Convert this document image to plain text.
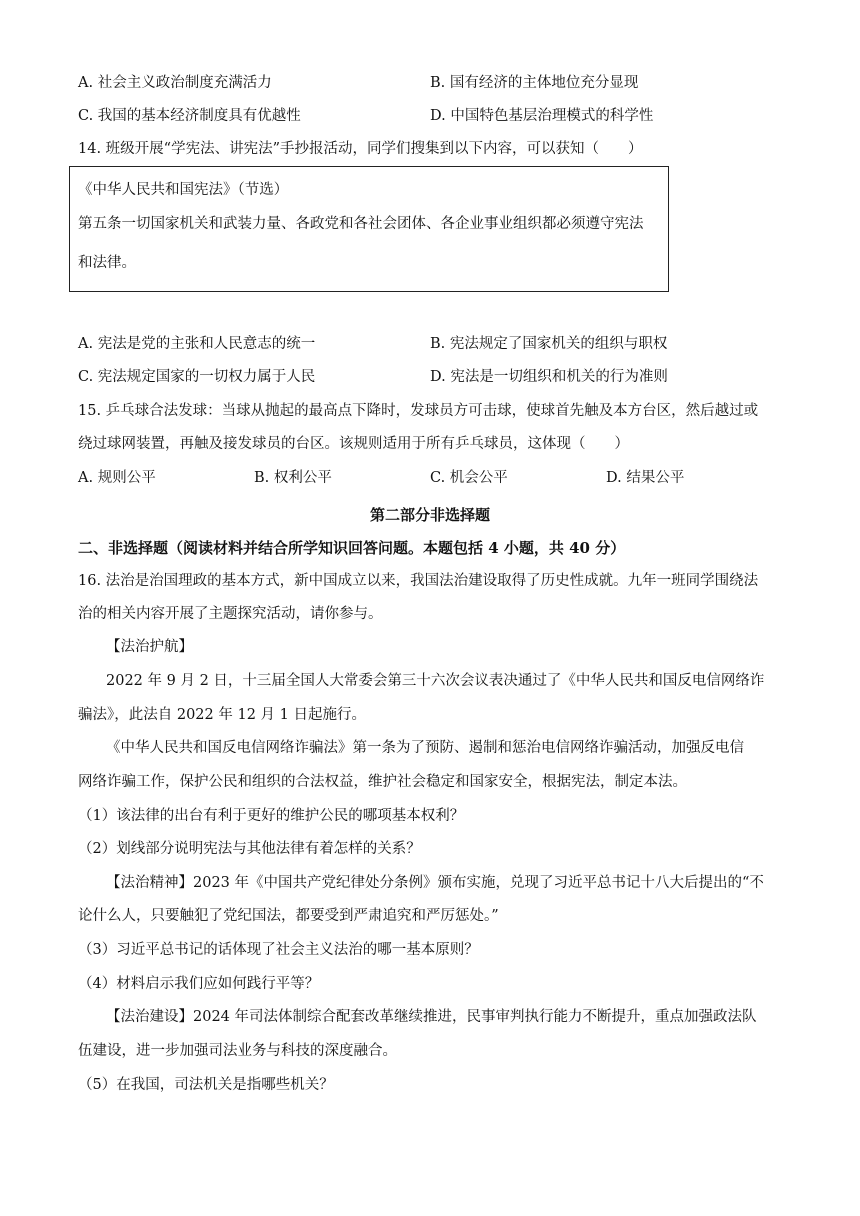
A. 社会主义政治制度充满活力	B. 国有经济的主体地位充分显现
C. 我国的基本经济制度具有优越性	D. 中国特色基层治理模式的科学性
14. 班级开展“学宪法、讲宪法”手抄报活动，同学们搜集到以下内容，可以获知（　　）
《中华人民共和国宪法》（节选）
第五条一切国家机关和武装力量、各政党和各社会团体、各企业事业组织都必须遵守宪法
和法律。
A. 宪法是党的主张和人民意志的统一	B. 宪法规定了国家机关的组织与职权
C. 宪法规定国家的一切权力属于人民	D. 宪法是一切组织和机关的行为准则
15. 乒乓球合法发球：当球从抛起的最高点下降时，发球员方可击球，使球首先触及本方台区，然后越过或
绕过球网装置，再触及接发球员的台区。该规则适用于所有乒乓球员，这体现（　　）
A. 规则公平	B. 权利公平	C. 机会公平	D. 结果公平
第二部分非选择题
二、非选择题（阅读材料并结合所学知识回答问题。本题包括 4 小题，共 40 分）
16. 法治是治国理政的基本方式，新中国成立以来，我国法治建设取得了历史性成就。九年一班同学围绕法
治的相关内容开展了主题探究活动，请你参与。
【法治护航】
2022 年 9 月 2 日，十三届全国人大常委会第三十六次会议表决通过了《中华人民共和国反电信网络诈
骗法》，此法自 2022 年 12 月 1 日起施行。
《中华人民共和国反电信网络诈骗法》第一条为了预防、遏制和惩治电信网络诈骗活动，加强反电信
网络诈骗工作，保护公民和组织的合法权益，维护社会稳定和国家安全，根据宪法，制定本法。
（1）该法律的出台有利于更好的维护公民的哪项基本权利？
（2）划线部分说明宪法与其他法律有着怎样的关系？
【法治精神】2023 年《中国共产党纪律处分条例》颁布实施，兑现了习近平总书记十八大后提出的“不
论什么人，只要触犯了党纪国法，都要受到严肃追究和严厉惩处。”
（3）习近平总书记的话体现了社会主义法治的哪一基本原则？
（4）材料启示我们应如何践行平等？
【法治建设】2024 年司法体制综合配套改革继续推进，民事审判执行能力不断提升，重点加强政法队
伍建设，进一步加强司法业务与科技的深度融合。
（5）在我国，司法机关是指哪些机关？
